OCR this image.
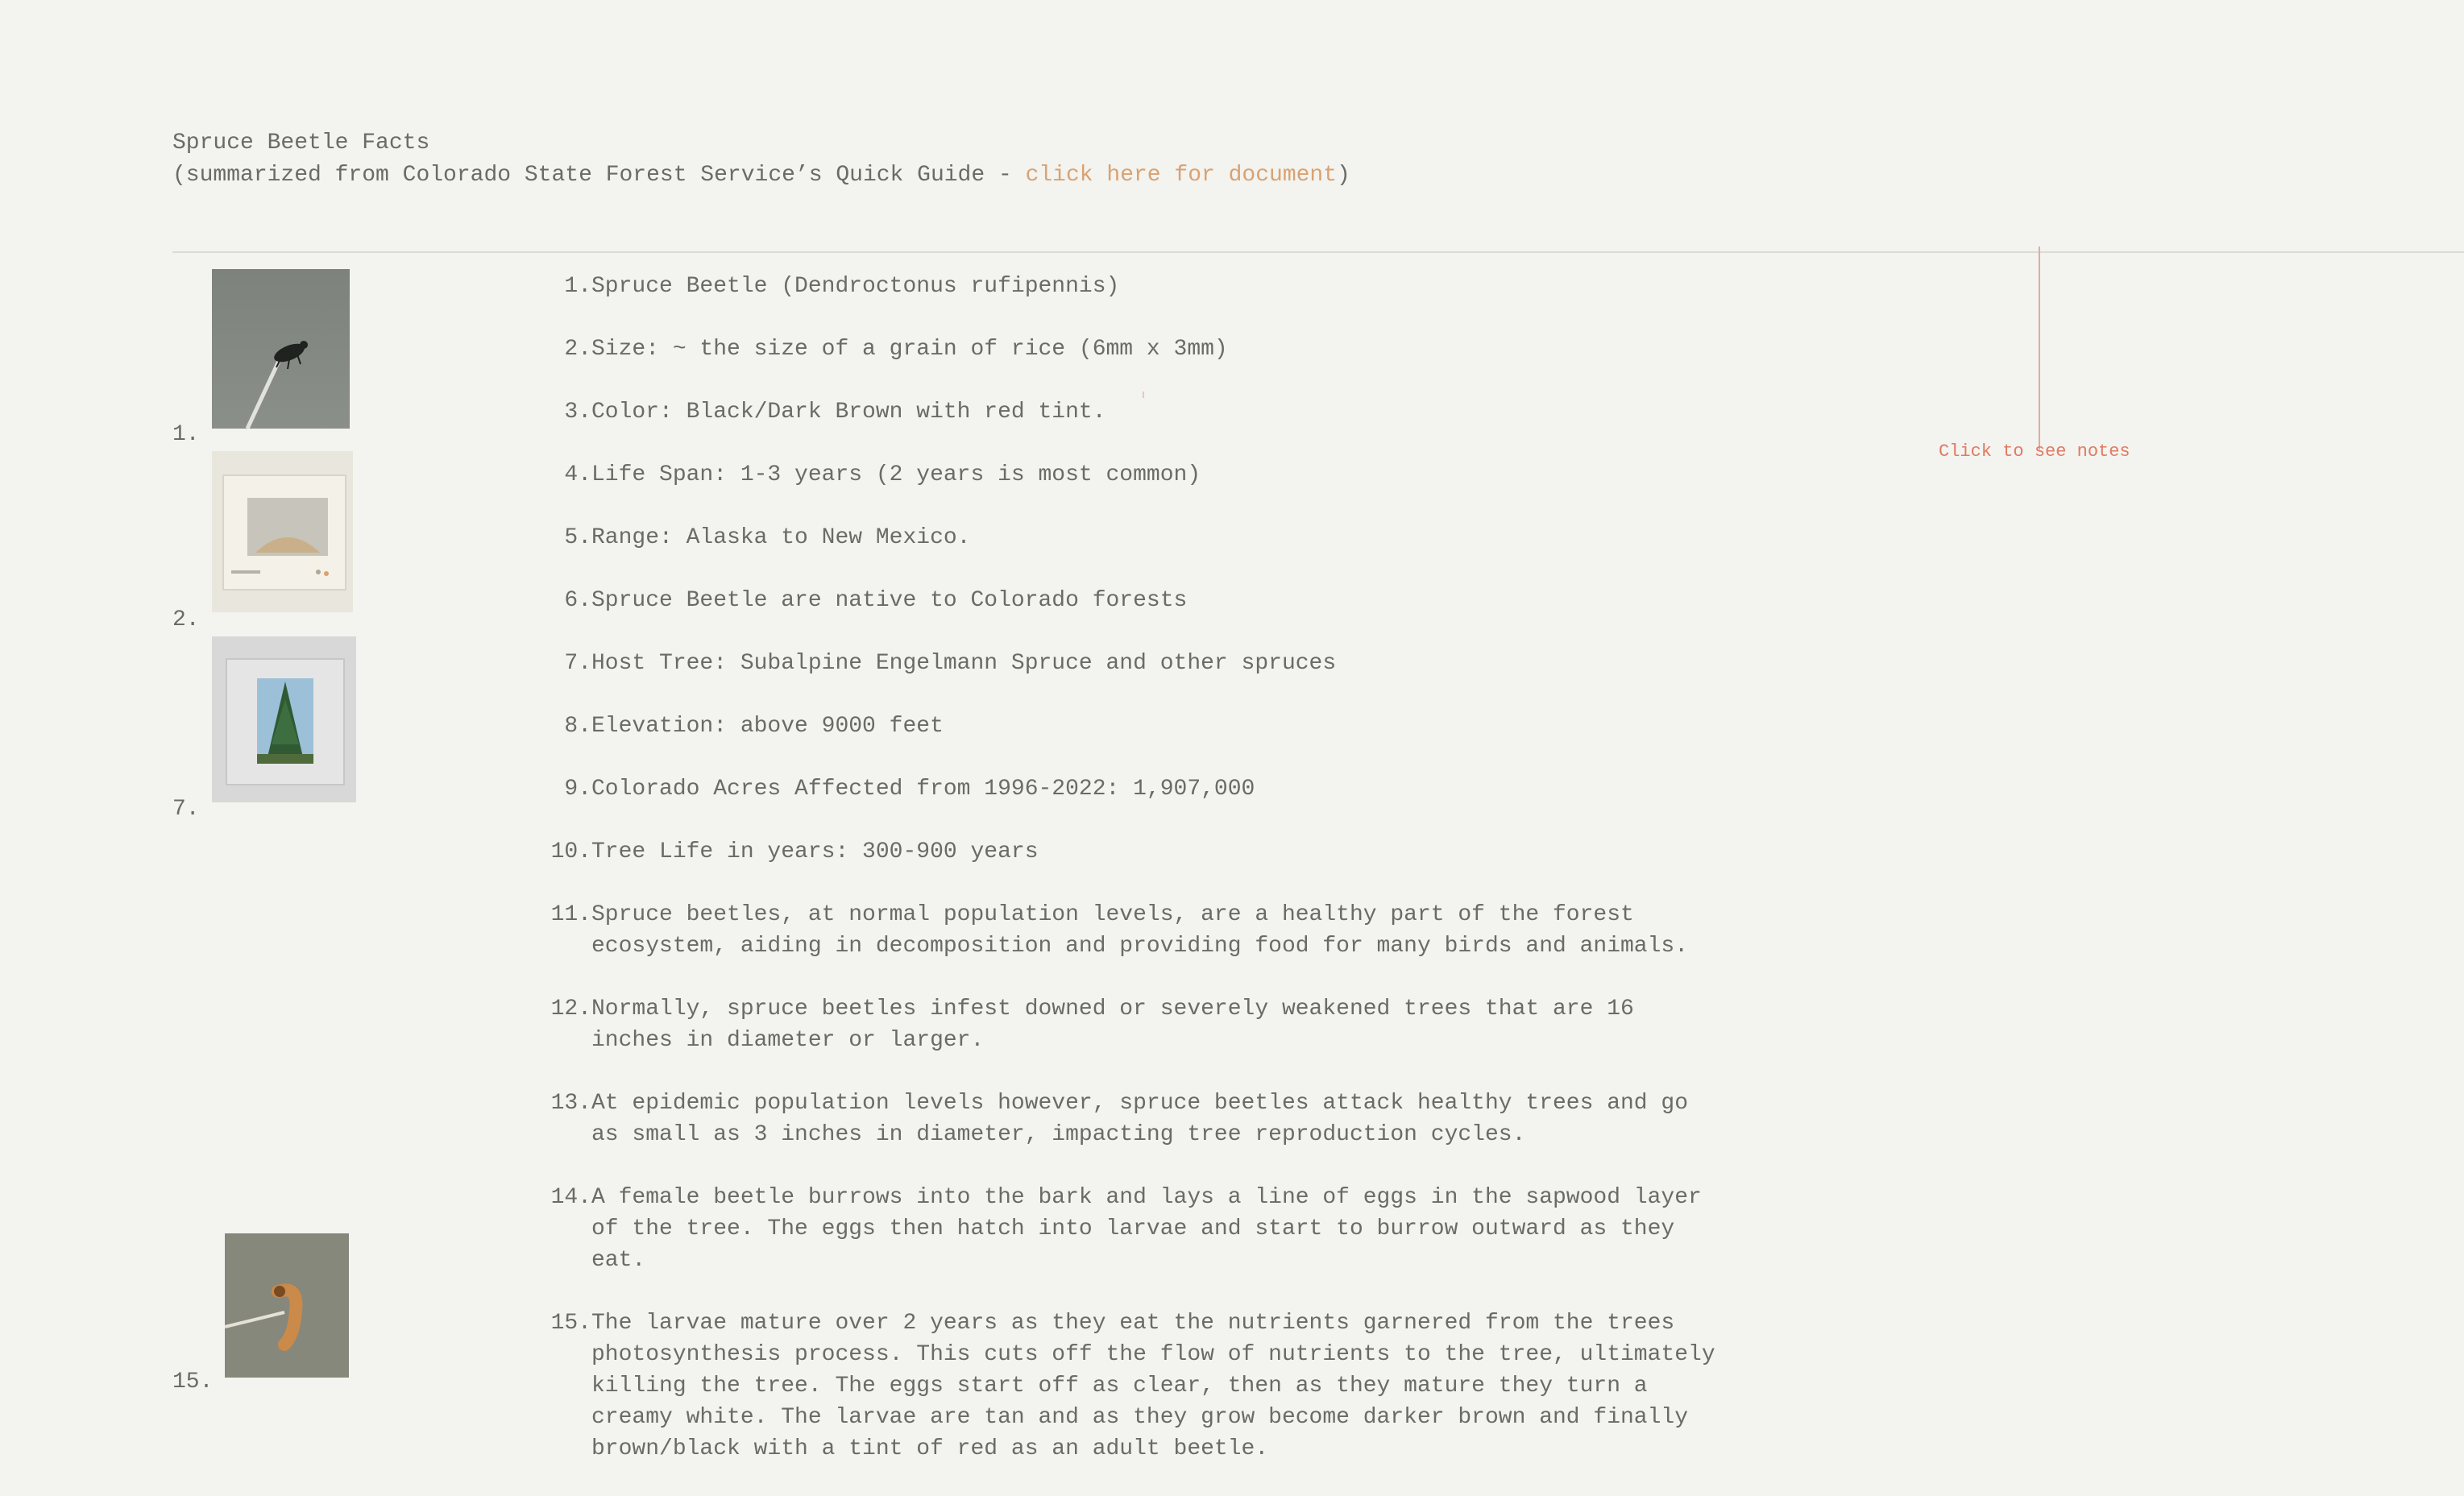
Spruce Beetle Facts
(summarized from Colorado State Forest Service’s Quick Guide - click here for document)
Click to see notes
1.
2.
7.
15.
1. Spruce Beetle (Dendroctonus rufipennis)
2. Size: ~ the size of a grain of rice (6mm x 3mm)
3. Color: Black/Dark Brown with red tint.
4. Life Span: 1-3 years (2 years is most common)
5. Range: Alaska to New Mexico.
6. Spruce Beetle are native to Colorado forests
7. Host Tree: Subalpine Engelmann Spruce and other spruces
8. Elevation: above 9000 feet
9. Colorado Acres Affected from 1996-2022: 1,907,000
10. Tree Life in years: 300-900 years
11. Spruce beetles, at normal population levels, are a healthy part of the forest ecosystem, aiding in decomposition and providing food for many birds and animals.
12. Normally, spruce beetles infest downed or severely weakened trees that are 16 inches in diameter or larger.
13. At epidemic population levels however, spruce beetles attack healthy trees and go as small as 3 inches in diameter, impacting tree reproduction cycles.
14. A female beetle burrows into the bark and lays a line of eggs in the sapwood layer of the tree. The eggs then hatch into larvae and start to burrow outward as they eat.
15. The larvae mature over 2 years as they eat the nutrients garnered from the trees photosynthesis process. This cuts off the flow of nutrients to the tree, ultimately killing the tree. The eggs start off as clear, then as they mature they turn a creamy white. The larvae are tan and as they grow become darker brown and finally brown/black with a tint of red as an adult beetle.
